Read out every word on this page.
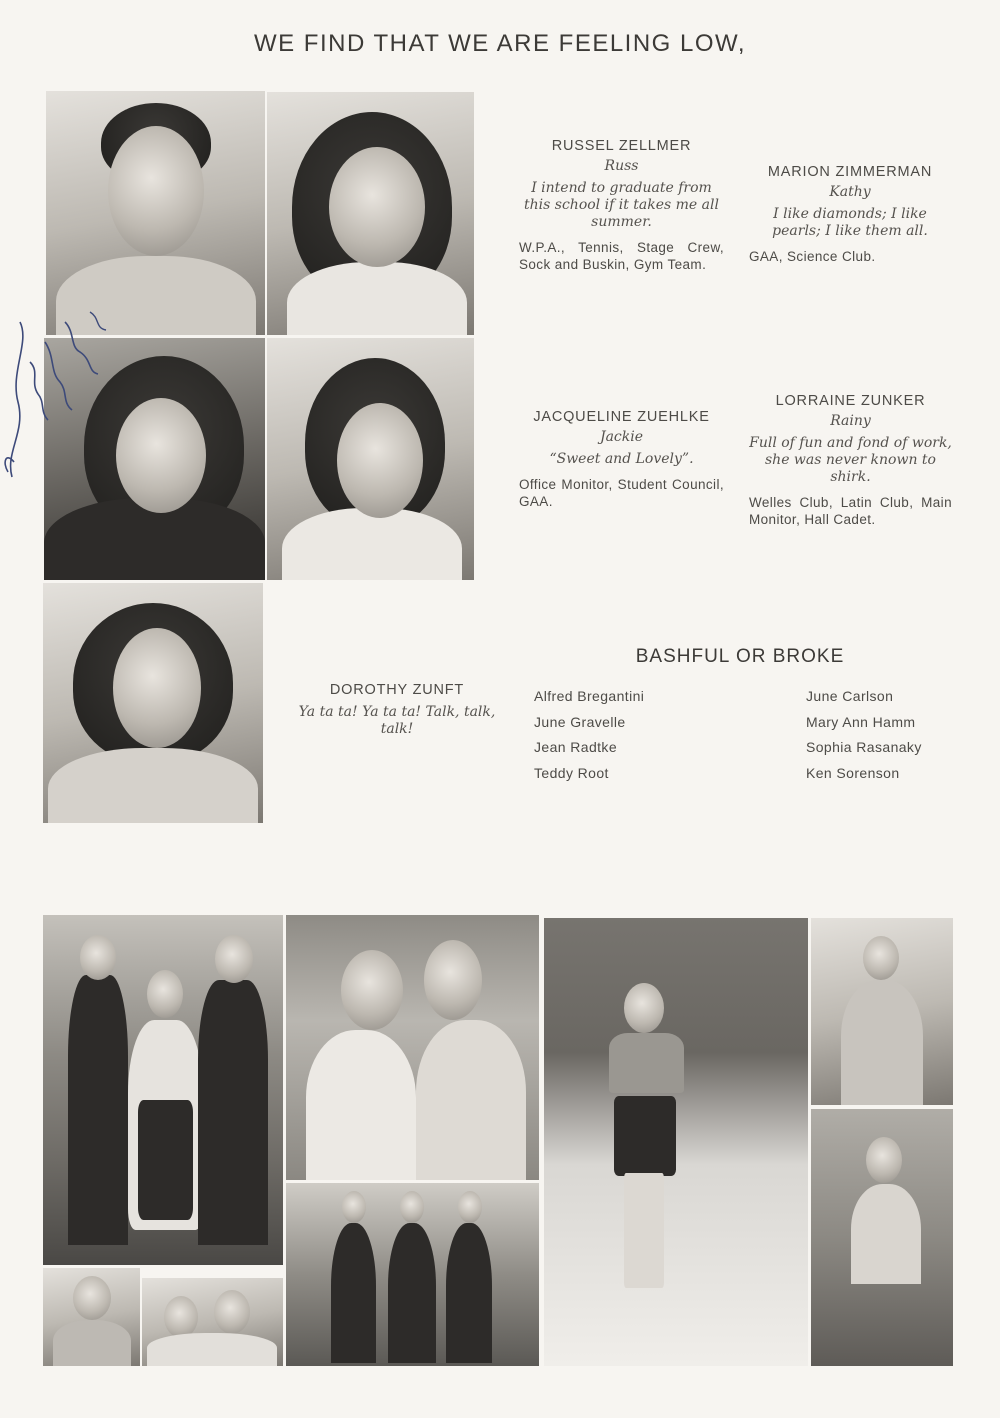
WE FIND THAT WE ARE FEELING LOW,
RUSSEL ZELLMER
Russ
I intend to graduate from this school if it takes me all summer.
W.P.A., Tennis, Stage Crew, Sock and Buskin, Gym Team.
MARION ZIMMERMAN
Kathy
I like diamonds; I like pearls; I like them all.
GAA, Science Club.
JACQUELINE ZUEHLKE
Jackie
“Sweet and Lovely”.
Office Monitor, Student Council, GAA.
LORRAINE ZUNKER
Rainy
Full of fun and fond of work, she was never known to shirk.
Welles Club, Latin Club, Main Monitor, Hall Cadet.
DOROTHY ZUNFT
Ya ta ta! Ya ta ta! Talk, talk, talk!
BASHFUL OR BROKE
Alfred Bregantini
June Gravelle
Jean Radtke
Teddy Root
June Carlson
Mary Ann Hamm
Sophia Rasanaky
Ken Sorenson
